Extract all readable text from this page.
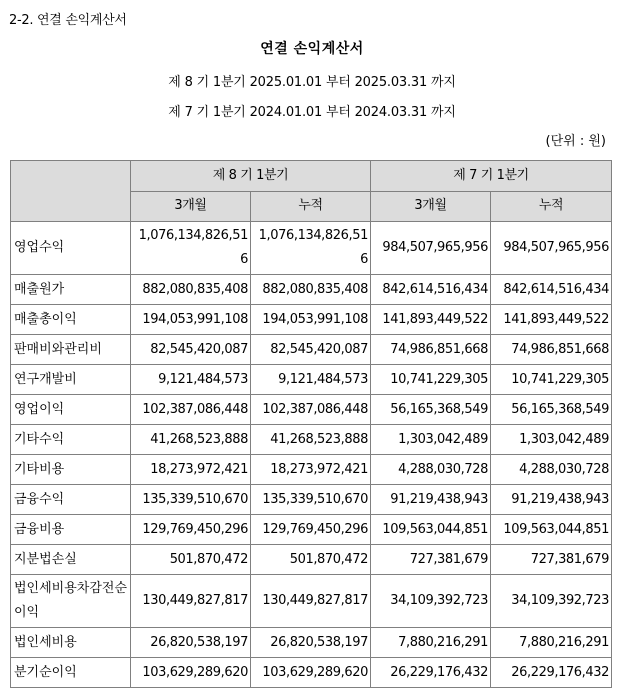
2-2. 연결 손익계산서
연결 손익계산서
제 8 기 1분기 2025.01.01 부터 2025.03.31 까지
제 7 기 1분기 2024.01.01 부터 2024.03.31 까지
(단위 : 원)
	제 8 기 1분기		제 7 기 1분기	
	3개월	누적	3개월	누적
영업수익	1,076,134,826,516	1,076,134,826,516	984,507,965,956	984,507,965,956
매출원가	882,080,835,408	882,080,835,408	842,614,516,434	842,614,516,434
매출총이익	194,053,991,108	194,053,991,108	141,893,449,522	141,893,449,522
판매비와관리비	82,545,420,087	82,545,420,087	74,986,851,668	74,986,851,668
연구개발비	9,121,484,573	9,121,484,573	10,741,229,305	10,741,229,305
영업이익	102,387,086,448	102,387,086,448	56,165,368,549	56,165,368,549
기타수익	41,268,523,888	41,268,523,888	1,303,042,489	1,303,042,489
기타비용	18,273,972,421	18,273,972,421	4,288,030,728	4,288,030,728
금융수익	135,339,510,670	135,339,510,670	91,219,438,943	91,219,438,943
금융비용	129,769,450,296	129,769,450,296	109,563,044,851	109,563,044,851
지분법손실	501,870,472	501,870,472	727,381,679	727,381,679
법인세비용차감전순이익	130,449,827,817	130,449,827,817	34,109,392,723	34,109,392,723
법인세비용	26,820,538,197	26,820,538,197	7,880,216,291	7,880,216,291
분기순이익	103,629,289,620	103,629,289,620	26,229,176,432	26,229,176,432
